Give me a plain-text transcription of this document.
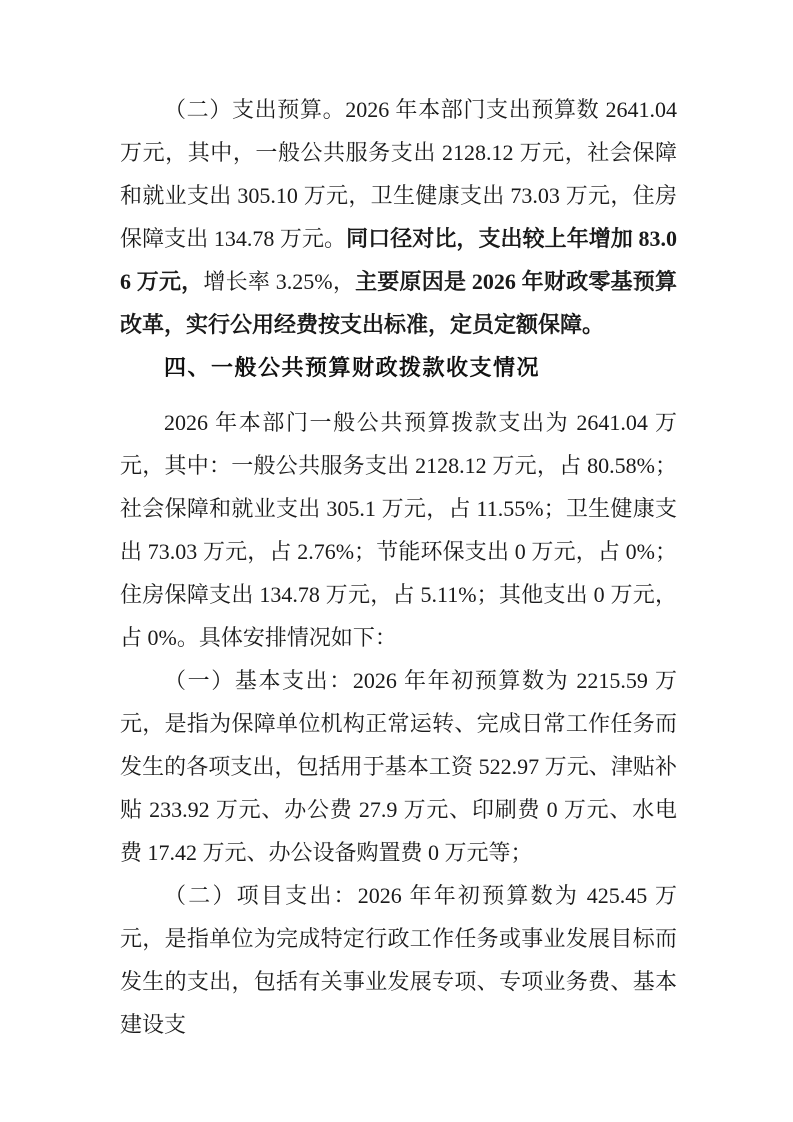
（二）支出预算。2026 年本部门支出预算数 2641.04 万元，其中，一般公共服务支出 2128.12 万元，社会保障和就业支出 305.10 万元，卫生健康支出 73.03 万元，住房保障支出 134.78 万元。同口径对比，支出较上年增加 83.06 万元，增长率 3.25%，主要原因是 2026 年财政零基预算改革，实行公用经费按支出标准，定员定额保障。

四、一般公共预算财政拨款收支情况

2026 年本部门一般公共预算拨款支出为 2641.04 万元，其中：一般公共服务支出 2128.12 万元，占 80.58%；社会保障和就业支出 305.1 万元，占 11.55%；卫生健康支出 73.03 万元，占 2.76%；节能环保支出 0 万元，占 0%；住房保障支出 134.78 万元，占 5.11%；其他支出 0 万元，占 0%。具体安排情况如下：

（一）基本支出：2026 年年初预算数为 2215.59 万元，是指为保障单位机构正常运转、完成日常工作任务而发生的各项支出，包括用于基本工资 522.97 万元、津贴补贴 233.92 万元、办公费 27.9 万元、印刷费 0 万元、水电费 17.42 万元、办公设备购置费 0 万元等；

（二）项目支出：2026 年年初预算数为 425.45 万元，是指单位为完成特定行政工作任务或事业发展目标而发生的支出，包括有关事业发展专项、专项业务费、基本建设支
